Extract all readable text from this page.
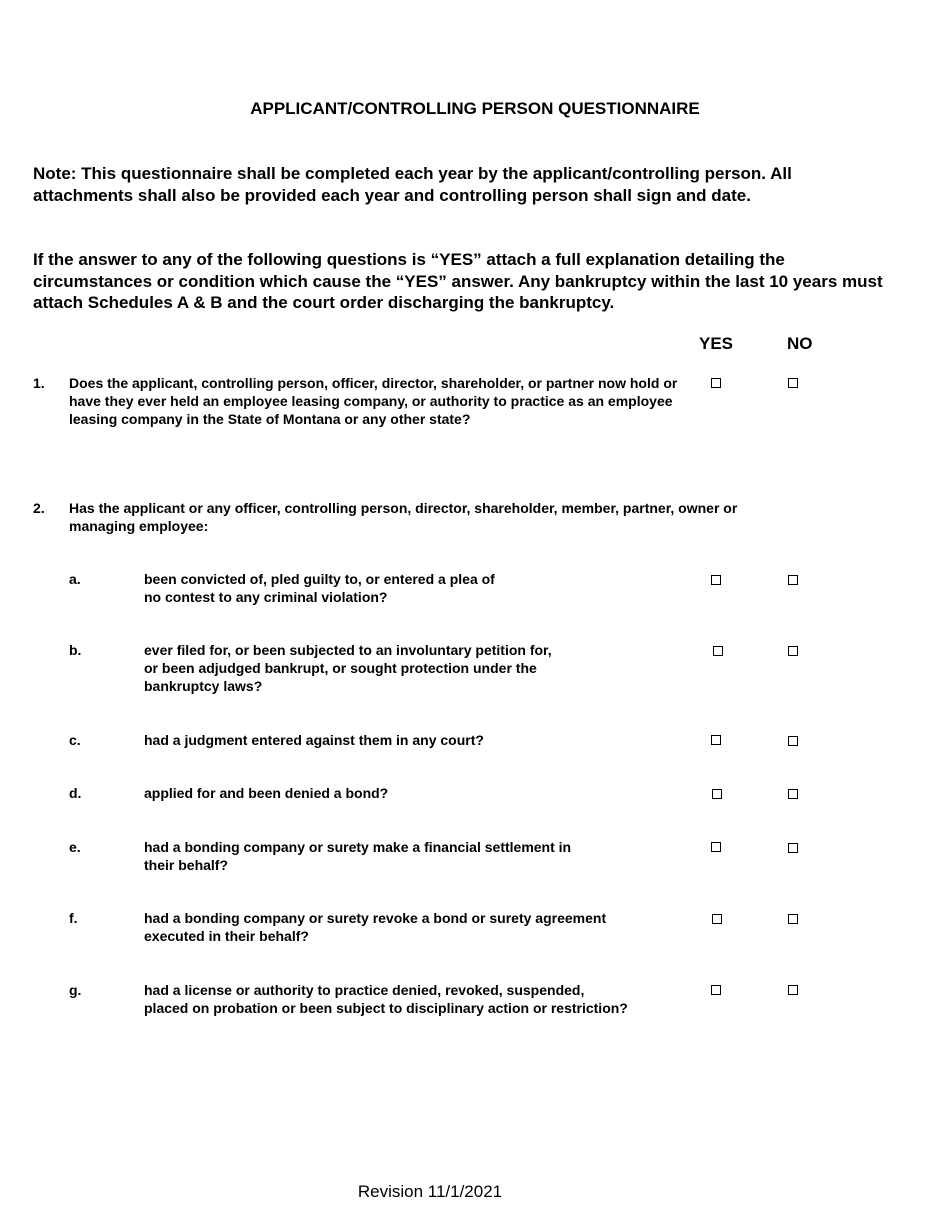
APPLICANT/CONTROLLING PERSON QUESTIONNAIRE
Note: This questionnaire shall be completed each year by the applicant/controlling person. All attachments shall also be provided each year and controlling person shall sign and date.
If the answer to any of the following questions is “YES” attach a full explanation detailing the circumstances or condition which cause the “YES” answer. Any bankruptcy within the last 10 years must attach Schedules A & B and the court order discharging the bankruptcy.
YES	NO
1. Does the applicant, controlling person, officer, director, shareholder, or partner now hold or have they ever held an employee leasing company, or authority to practice as an employee leasing company in the State of Montana or any other state?
2. Has the applicant or any officer, controlling person, director, shareholder, member, partner, owner or managing employee:
a.	been convicted of, pled guilty to, or entered a plea of
no contest to any criminal violation?
b.	ever filed for, or been subjected to an involuntary petition for,
or been adjudged bankrupt, or sought protection under the
bankruptcy laws?
c.	had a judgment entered against them in any court?
d.	applied for and been denied a bond?
e.	had a bonding company or surety make a financial settlement in
their behalf?
f.	had a bonding company or surety revoke a bond or surety agreement
executed in their behalf?
g.	had a license or authority to practice denied, revoked, suspended,
placed on probation or been subject to disciplinary action or restriction?
Revision 11/1/2021
